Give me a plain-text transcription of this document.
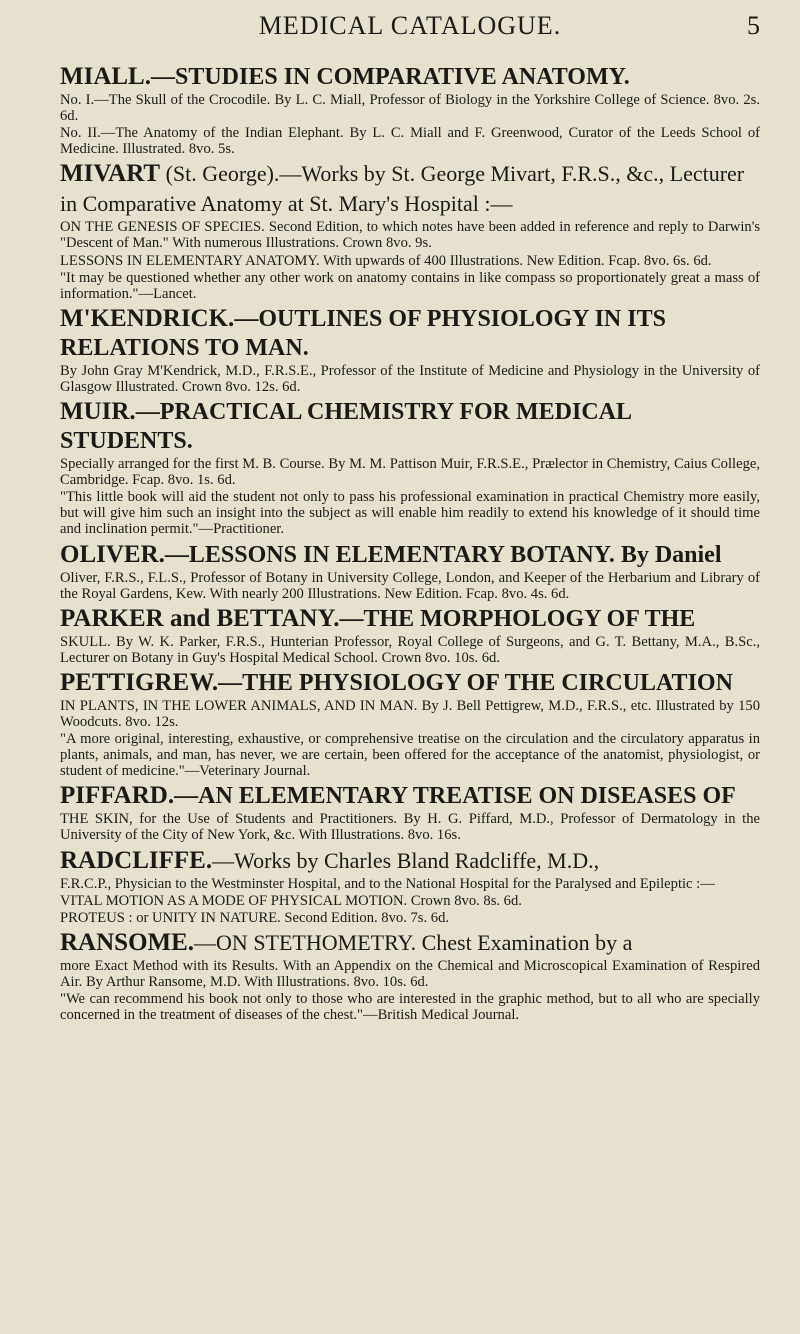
MEDICAL CATALOGUE.	5
MIALL.—STUDIES IN COMPARATIVE ANATOMY.

No. I.—The Skull of the Crocodile. By L. C. Miall, Professor of Biology in the Yorkshire College of Science. 8vo. 2s. 6d.

No. II.—The Anatomy of the Indian Elephant. By L. C. Miall and F. Greenwood, Curator of the Leeds School of Medicine. Illustrated. 8vo. 5s.

MIVART (St. George).—Works by St. George Mivart, F.R.S., &c., Lecturer in Comparative Anatomy at St. Mary's Hospital :—

ON THE GENESIS OF SPECIES. Second Edition, to which notes have been added in reference and reply to Darwin's "Descent of Man." With numerous Illustrations. Crown 8vo. 9s.

LESSONS IN ELEMENTARY ANATOMY. With upwards of 400 Illustrations. New Edition. Fcap. 8vo. 6s. 6d.

"It may be questioned whether any other work on anatomy contains in like compass so proportionately great a mass of information."—Lancet.

M'KENDRICK.—OUTLINES OF PHYSIOLOGY IN ITS RELATIONS TO MAN.

By John Gray M'Kendrick, M.D., F.R.S.E., Professor of the Institute of Medicine and Physiology in the University of Glasgow Illustrated. Crown 8vo. 12s. 6d.

MUIR.—PRACTICAL CHEMISTRY FOR MEDICAL STUDENTS.

Specially arranged for the first M. B. Course. By M. M. Pattison Muir, F.R.S.E., Prælector in Chemistry, Caius College, Cambridge. Fcap. 8vo. 1s. 6d.

"This little book will aid the student not only to pass his professional examination in practical Chemistry more easily, but will give him such an insight into the subject as will enable him readily to extend his knowledge of it should time and inclination permit."—Practitioner.

OLIVER.—LESSONS IN ELEMENTARY BOTANY. By Daniel

Oliver, F.R.S., F.L.S., Professor of Botany in University College, London, and Keeper of the Herbarium and Library of the Royal Gardens, Kew. With nearly 200 Illustrations. New Edition. Fcap. 8vo. 4s. 6d.

PARKER and BETTANY.—THE MORPHOLOGY OF THE

SKULL. By W. K. Parker, F.R.S., Hunterian Professor, Royal College of Surgeons, and G. T. Bettany, M.A., B.Sc., Lecturer on Botany in Guy's Hospital Medical School. Crown 8vo. 10s. 6d.

PETTIGREW.—THE PHYSIOLOGY OF THE CIRCULATION

IN PLANTS, IN THE LOWER ANIMALS, AND IN MAN. By J. Bell Pettigrew, M.D., F.R.S., etc. Illustrated by 150 Woodcuts. 8vo. 12s.

"A more original, interesting, exhaustive, or comprehensive treatise on the circulation and the circulatory apparatus in plants, animals, and man, has never, we are certain, been offered for the acceptance of the anatomist, physiologist, or student of medicine."—Veterinary Journal.

PIFFARD.—AN ELEMENTARY TREATISE ON DISEASES OF

THE SKIN, for the Use of Students and Practitioners. By H. G. Piffard, M.D., Professor of Dermatology in the University of the City of New York, &c. With Illustrations. 8vo. 16s.

RADCLIFFE.—Works by Charles Bland Radcliffe, M.D.,

F.R.C.P., Physician to the Westminster Hospital, and to the National Hospital for the Paralysed and Epileptic :—

VITAL MOTION AS A MODE OF PHYSICAL MOTION. Crown 8vo. 8s. 6d.

PROTEUS : or UNITY IN NATURE. Second Edition. 8vo. 7s. 6d.

RANSOME.—ON STETHOMETRY. Chest Examination by a

more Exact Method with its Results. With an Appendix on the Chemical and Microscopical Examination of Respired Air. By Arthur Ransome, M.D. With Illustrations. 8vo. 10s. 6d.

"We can recommend his book not only to those who are interested in the graphic method, but to all who are specially concerned in the treatment of diseases of the chest."—British Medical Journal.
